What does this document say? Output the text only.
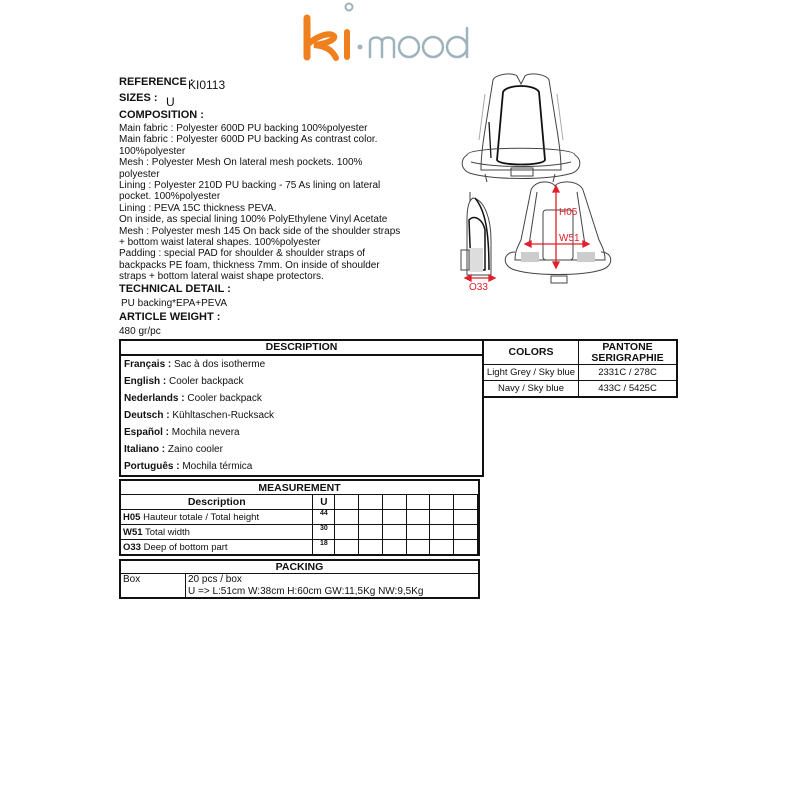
REFERENCE :
KI0113
SIZES : U
COMPOSITION :
Main fabric : Polyester 600D PU backing 100%polyester
Main fabric : Polyester 600D PU backing As contrast color.
100%polyester
Mesh : Polyester Mesh On lateral mesh pockets. 100%
polyester
Lining : Polyester 210D PU backing - 75 As lining on lateral
pocket. 100%polyester
Lining : PEVA 15C thickness PEVA.
On inside, as special lining 100% PolyEthylene Vinyl Acetate
Mesh : Polyester mesh 145 On back side of the shoulder straps
+ bottom waist lateral shapes. 100%polyester
Padding : special PAD for shoulder & shoulder straps of
backpacks PE foam, thickness 7mm. On inside of shoulder
straps + bottom lateral waist shape protectors.
TECHNICAL DETAIL :
PU backing*EPA+PEVA
ARTICLE WEIGHT :
480 gr/pc
H05
W51
O33
DESCRIPTION
Français : Sac à dos isotherme
English : Cooler backpack
Nederlands : Cooler backpack
Deutsch : Kühltaschen-Rucksack
Español : Mochila nevera
Italiano : Zaino cooler
Português : Mochila térmica
COLORS	PANTONE
SERIGRAPHIE
Light Grey / Sky blue	2331C / 278C
Navy / Sky blue	433C / 5425C
MEASUREMENT								
Description	U							
H05 Hauteur totale / Total height	44							
W51 Total width	30							
O33 Deep of bottom part	18							
PACKING
Box	20 pcs / box
U => L:51cm W:38cm H:60cm GW:11,5Kg NW:9,5Kg
